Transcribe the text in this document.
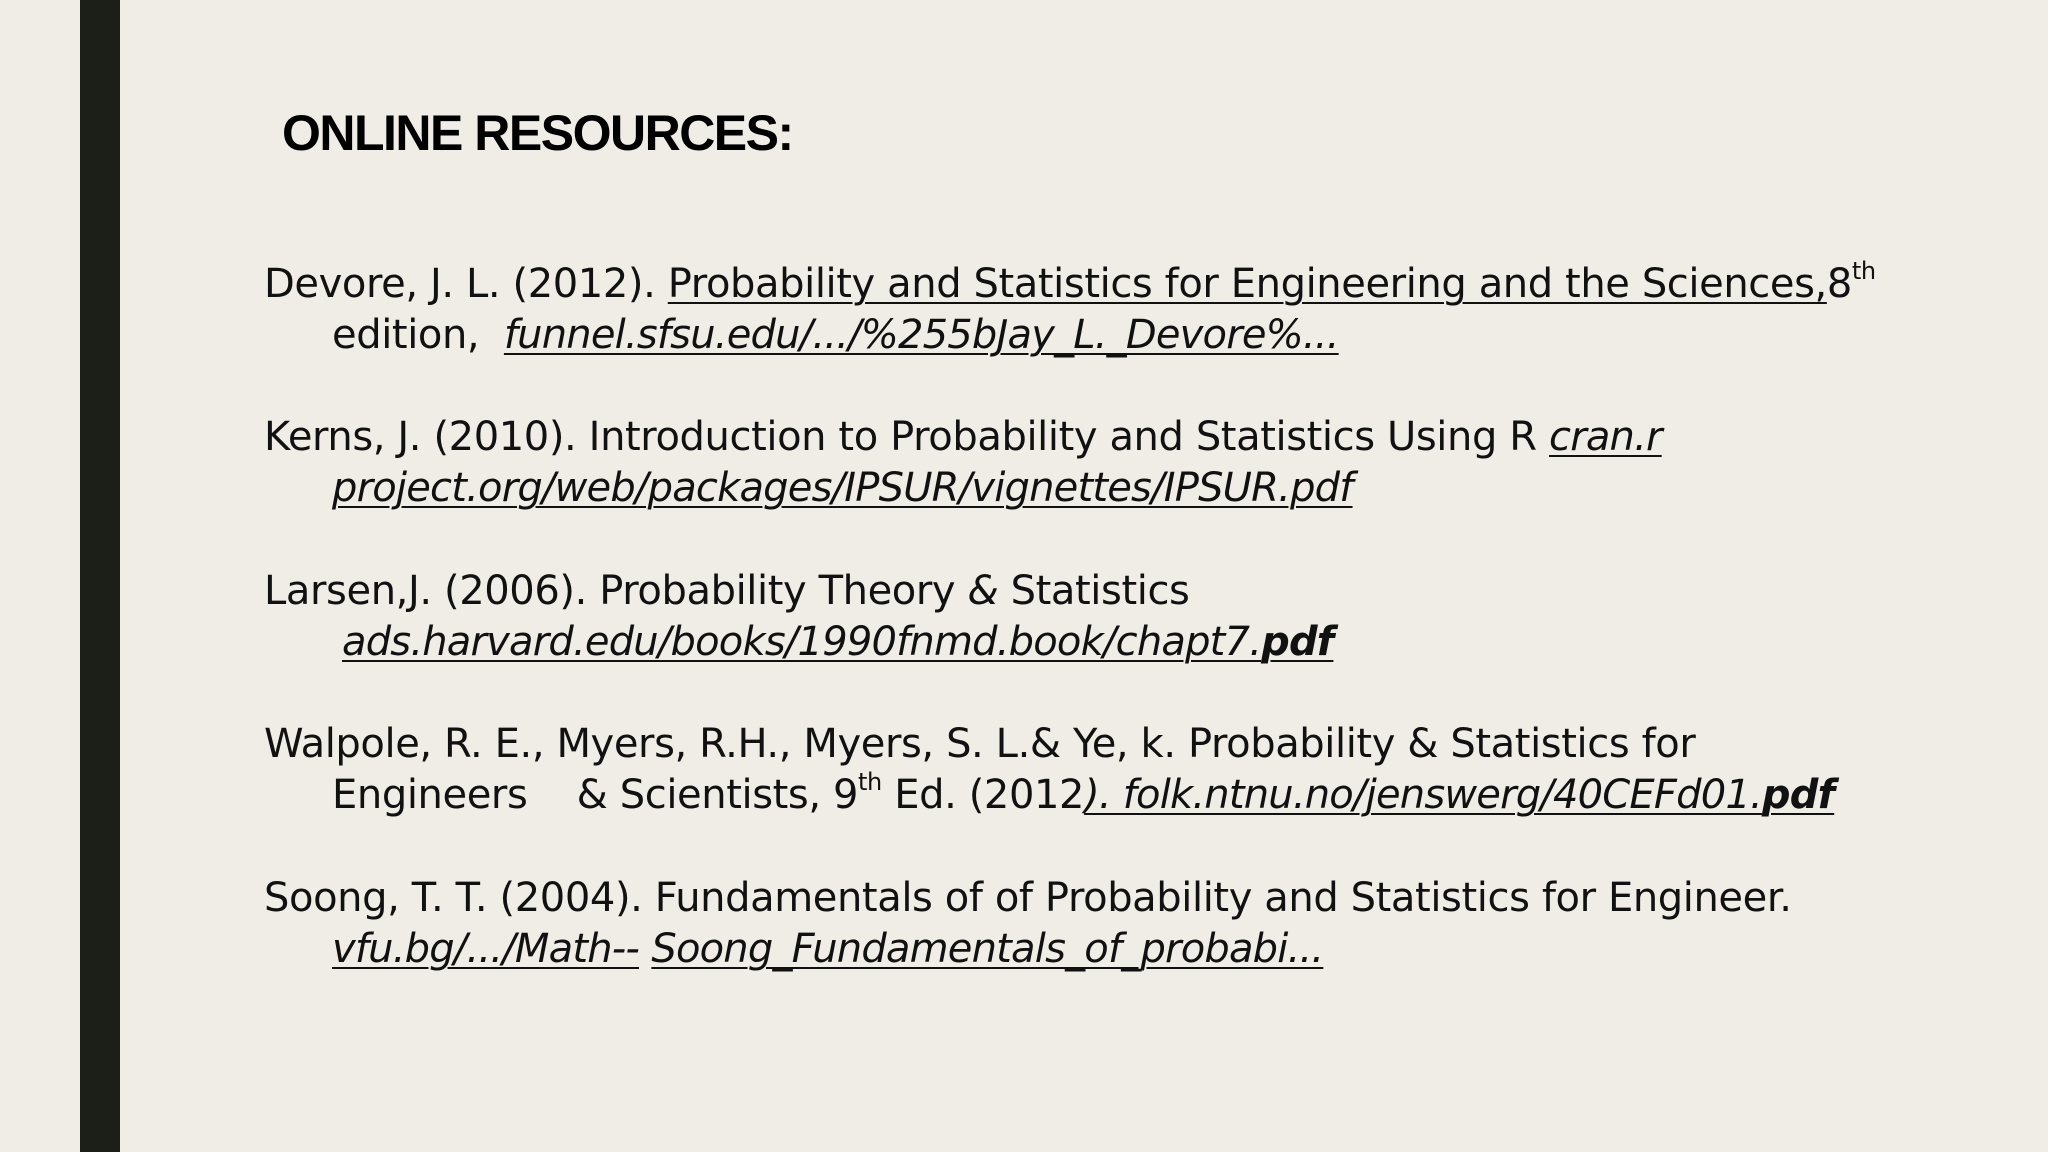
ONLINE RESOURCES:
Devore, J. L. (2012). Probability and Statistics for Engineering and the Sciences,8th
edition, funnel.sfsu.edu/.../%255bJay_L._Devore%...
Kerns, J. (2010). Introduction to Probability and Statistics Using R cran.r
project.org/web/packages/IPSUR/vignettes/IPSUR.pdf
Larsen,J. (2006). Probability Theory & Statistics
ads.harvard.edu/books/1990fnmd.book/chapt7.pdf
Walpole, R. E., Myers, R.H., Myers, S. L.& Ye, k. Probability & Statistics for
Engineers    & Scientists, 9th Ed. (2012). folk.ntnu.no/jenswerg/40CEFd01.pdf
Soong, T. T. (2004). Fundamentals of of Probability and Statistics for Engineer.
vfu.bg/.../Math-- Soong_Fundamentals_of_probabi...
